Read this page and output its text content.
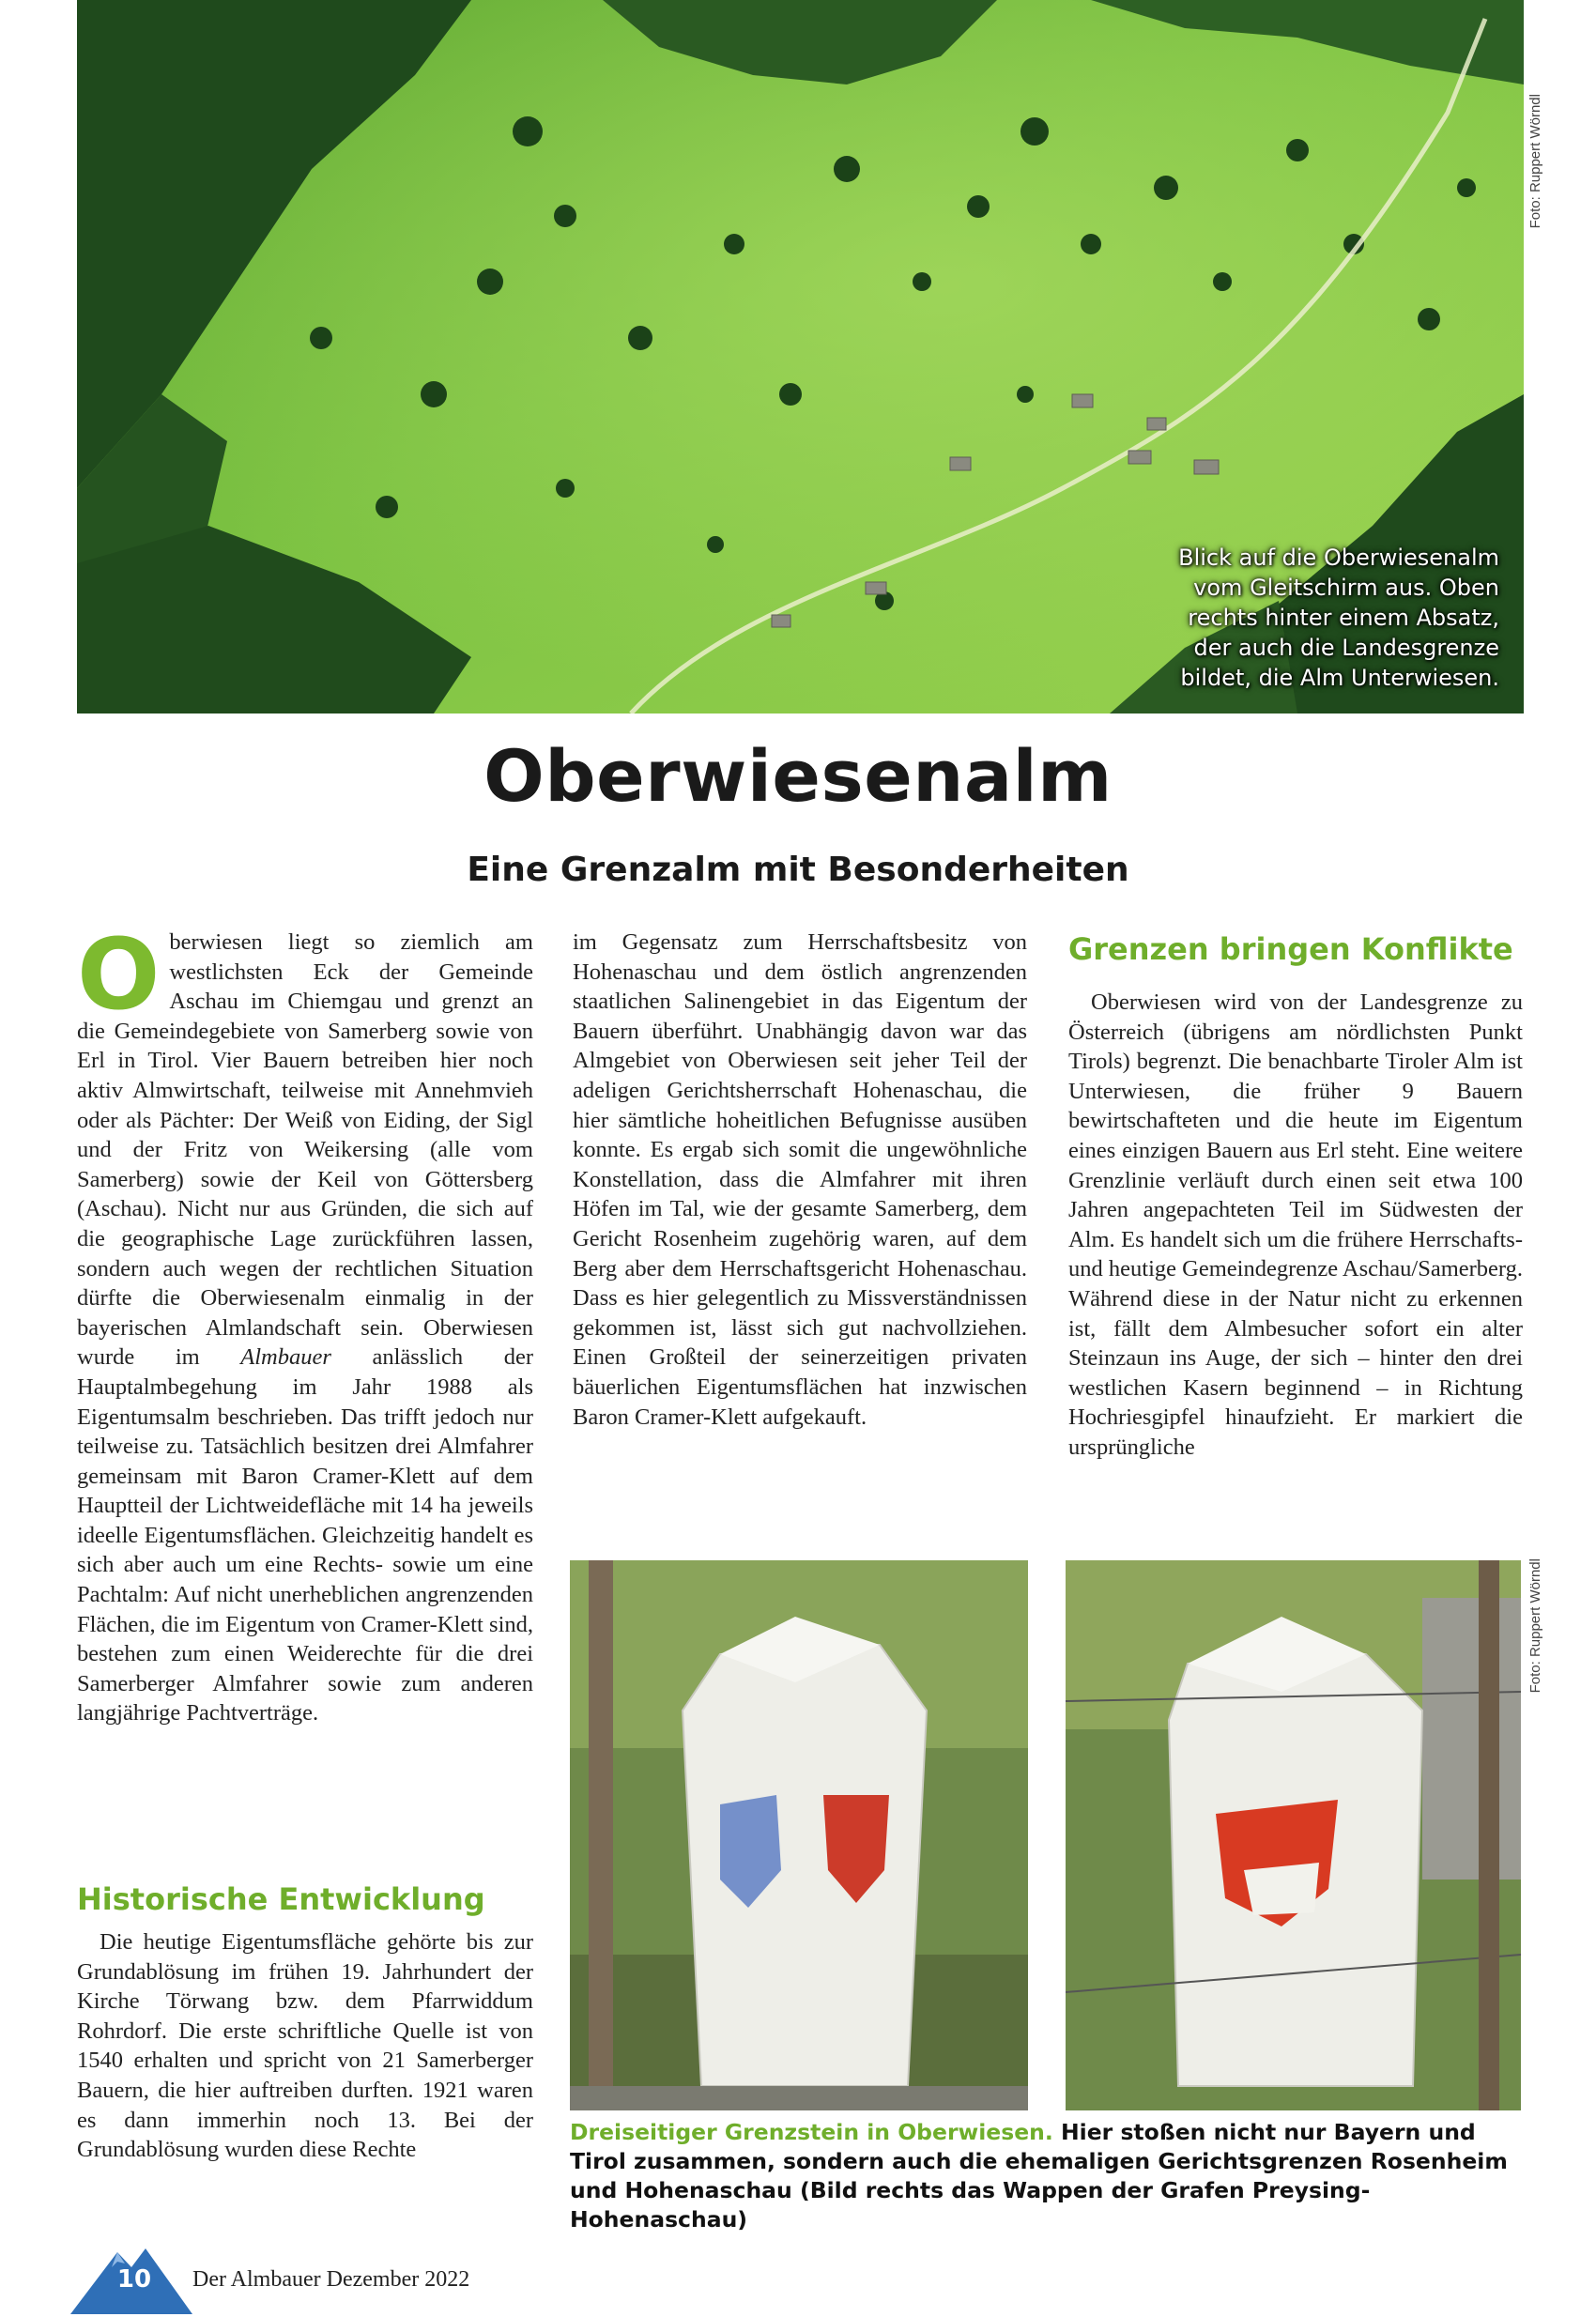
Blick auf die Oberwiesenalm vom Gleitschirm aus. Oben rechts hinter einem Absatz, der auch die Landesgrenze bildet, die Alm Unterwiesen.
Foto: Ruppert Wörndl
Oberwiesenalm
Eine Grenzalm mit Besonderheiten
O berwiesen liegt so ziemlich am westlichsten Eck der Gemeinde Aschau im Chiemgau und grenzt an die Gemeindegebiete von Samerberg sowie von Erl in Tirol. Vier Bauern betreiben hier noch aktiv Almwirtschaft, teilweise mit Annehmvieh oder als Pächter: Der Weiß von Eiding, der Sigl und der Fritz von Weikersing (alle vom Samerberg) sowie der Keil von Göttersberg (Aschau). Nicht nur aus Gründen, die sich auf die geographische Lage zurückführen lassen, sondern auch wegen der rechtlichen Situation dürfte die Oberwiesenalm einmalig in der bayerischen Almlandschaft sein. Oberwiesen wurde im Almbauer anlässlich der Hauptalmbegehung im Jahr 1988 als Eigentumsalm beschrieben. Das trifft jedoch nur teilweise zu. Tatsächlich besitzen drei Almfahrer gemeinsam mit Baron Cramer-Klett auf dem Hauptteil der Lichtweidefläche mit 14 ha jeweils ideelle Eigentumsflächen. Gleichzeitig handelt es sich aber auch um eine Rechts- sowie um eine Pachtalm: Auf nicht unerheblichen angrenzenden Flächen, die im Eigentum von Cramer-Klett sind, bestehen zum einen Weiderechte für die drei Samerberger Almfahrer sowie zum anderen langjährige Pachtverträge.

Historische Entwicklung

Die heutige Eigentumsfläche gehörte bis zur Grundablösung im frühen 19. Jahrhundert der Kirche Törwang bzw. dem Pfarrwiddum Rohrdorf. Die erste schriftliche Quelle ist von 1540 erhalten und spricht von 21 Samerberger Bauern, die hier auftreiben durften. 1921 waren es dann immerhin noch 13. Bei der Grundablösung wurden diese Rechte

im Gegensatz zum Herrschaftsbesitz von Hohenaschau und dem östlich angrenzenden staatlichen Salinengebiet in das Eigentum der Bauern überführt. Unabhängig davon war das Almgebiet von Oberwiesen seit jeher Teil der adeligen Gerichtsherrschaft Hohenaschau, die hier sämtliche hoheitlichen Befugnisse ausüben konnte. Es ergab sich somit die ungewöhnliche Konstellation, dass die Almfahrer mit ihren Höfen im Tal, wie der gesamte Samerberg, dem Gericht Rosenheim zugehörig waren, auf dem Berg aber dem Herrschaftsgericht Hohenaschau. Dass es hier gelegentlich zu Missverständnissen gekommen ist, lässt sich gut nachvollziehen. Einen Großteil der seinerzeitigen privaten bäuerlichen Eigentumsflächen hat inzwischen Baron Cramer-Klett aufgekauft.

Grenzen bringen Konflikte

Oberwiesen wird von der Landesgrenze zu Österreich (übrigens am nördlichsten Punkt Tirols) begrenzt. Die benachbarte Tiroler Alm ist Unterwiesen, die früher 9 Bauern bewirtschafteten und die heute im Eigentum eines einzigen Bauern aus Erl steht. Eine weitere Grenzlinie verläuft durch einen seit etwa 100 Jahren angepachteten Teil im Südwesten der Alm. Es handelt sich um die frühere Herrschafts- und heutige Gemeindegrenze Aschau/Samerberg. Während diese in der Natur nicht zu erkennen ist, fällt dem Almbesucher sofort ein alter Steinzaun ins Auge, der sich – hinter den drei westlichen Kasern beginnend – in Richtung Hochriesgipfel hinaufzieht. Er markiert die ursprüngliche

Foto: Ruppert Wörndl

Dreiseitiger Grenzstein in Oberwiesen. Hier stoßen nicht nur Bayern und Tirol zusammen, sondern auch die ehemaligen Gerichtsgrenzen Rosenheim und Hohenaschau (Bild rechts das Wappen der Grafen Preysing-Hohenaschau)

10	Der Almbauer Dezember 2022
